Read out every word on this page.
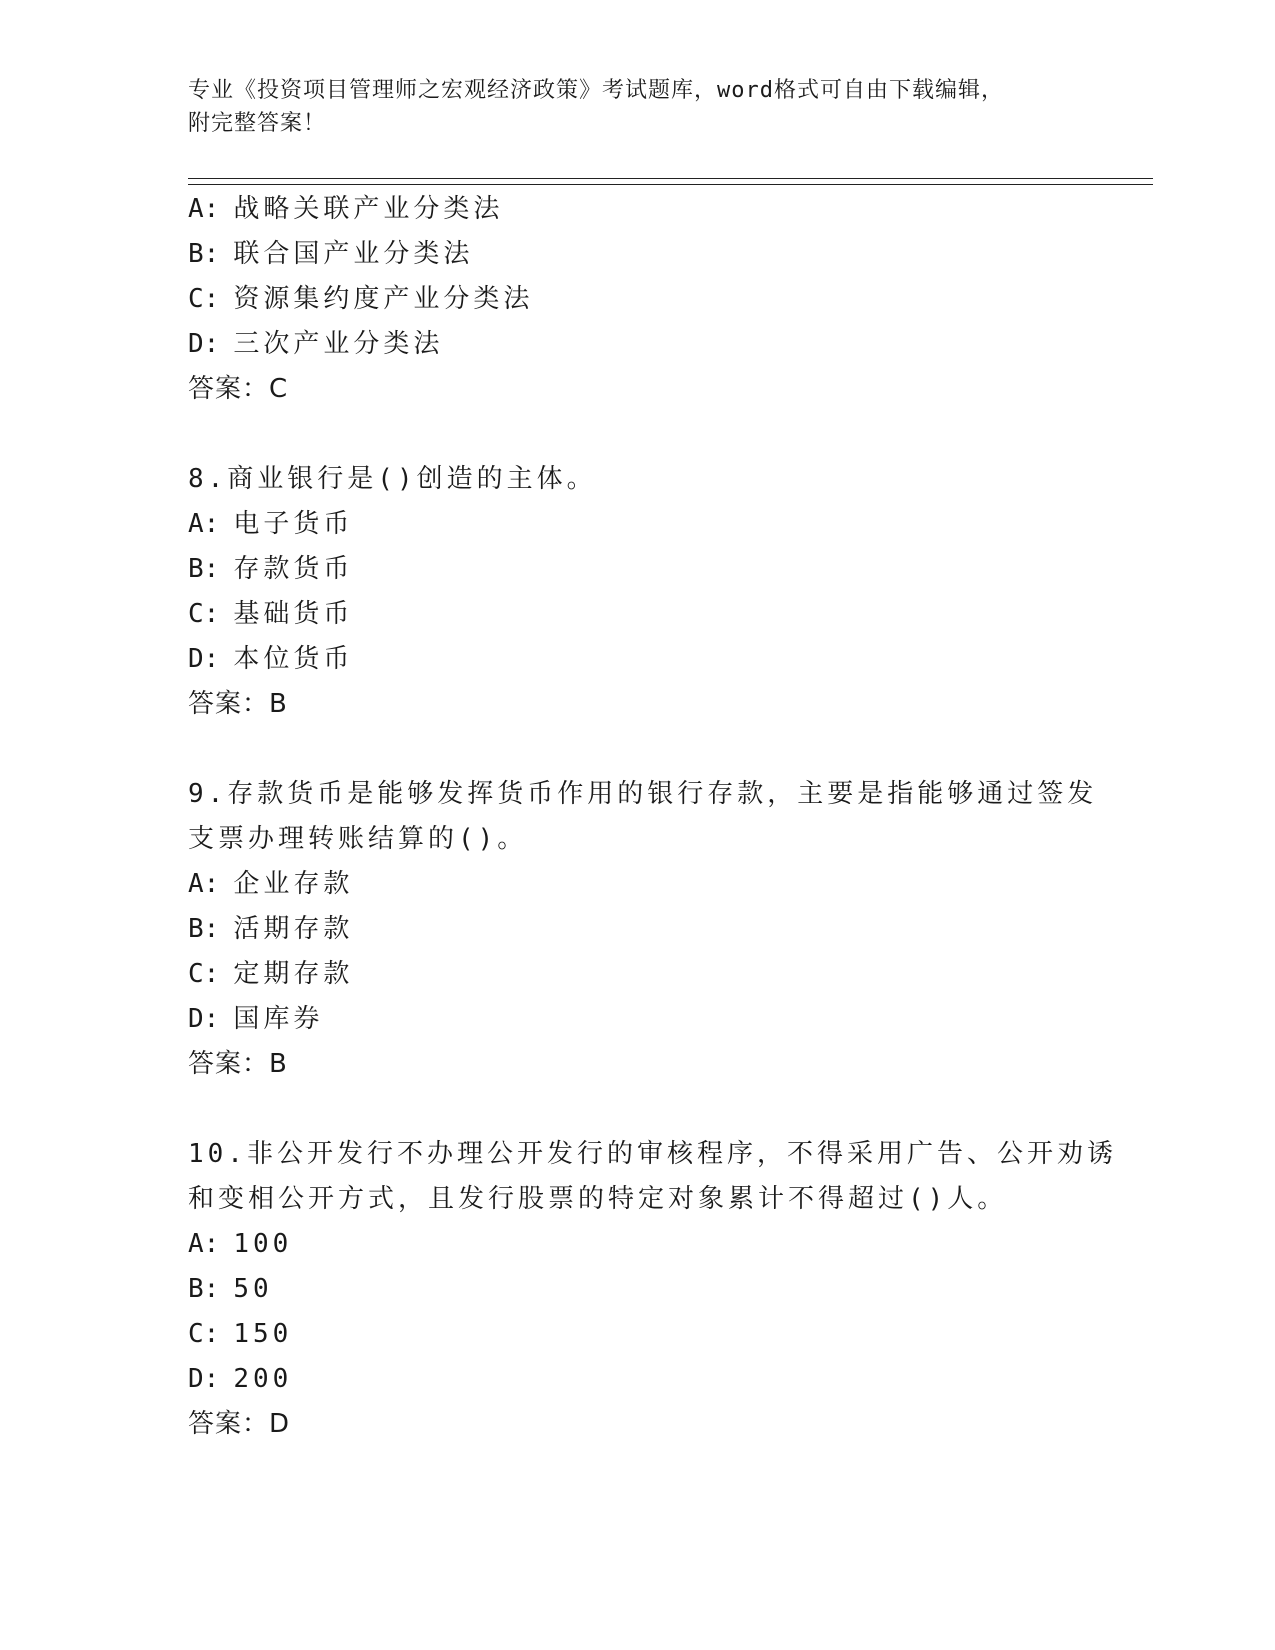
专业《投资项目管理师之宏观经济政策》考试题库，word格式可自由下载编辑，
附完整答案！
A: 战略关联产业分类法
B: 联合国产业分类法
C: 资源集约度产业分类法
D: 三次产业分类法
答案：C
8.商业银行是()创造的主体。
A: 电子货币
B: 存款货币
C: 基础货币
D: 本位货币
答案：B
9.存款货币是能够发挥货币作用的银行存款，主要是指能够通过签发
支票办理转账结算的()。
A: 企业存款
B: 活期存款
C: 定期存款
D: 国库券
答案：B
10.非公开发行不办理公开发行的审核程序，不得采用广告、公开劝诱
和变相公开方式，且发行股票的特定对象累计不得超过()人。
A: 100
B: 50
C: 150
D: 200
答案：D
